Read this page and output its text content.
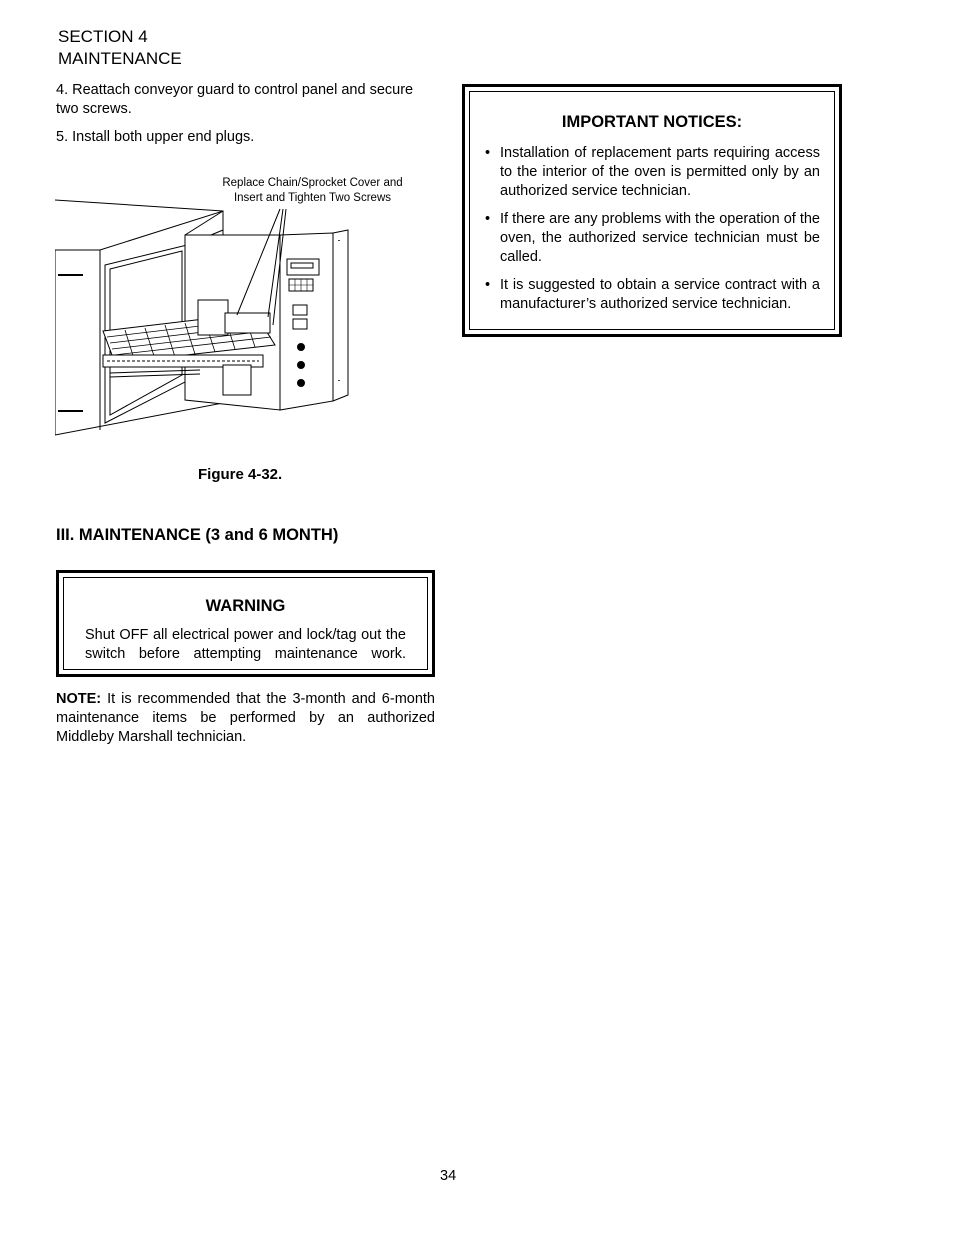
SECTION 4
MAINTENANCE
4. Reattach conveyor guard to control panel and secure two screws.
5. Install both upper end plugs.
Replace Chain/Sprocket Cover and
Insert and Tighten Two Screws
Figure 4-32.
III. MAINTENANCE (3 and 6 MONTH)
WARNING
Shut OFF all electrical power and lock/tag out the switch before attempting maintenance work.
NOTE: It is recommended that the 3-month and 6-month maintenance items be performed by an authorized Middleby Marshall technician.
IMPORTANT NOTICES:
• Installation of replacement parts requiring access to the interior of the oven is permitted only by an authorized service technician.
• If there are any problems with the operation of the oven, the authorized service technician must be called.
• It is suggested to obtain a service contract with a manufacturer’s authorized service technician.
34
